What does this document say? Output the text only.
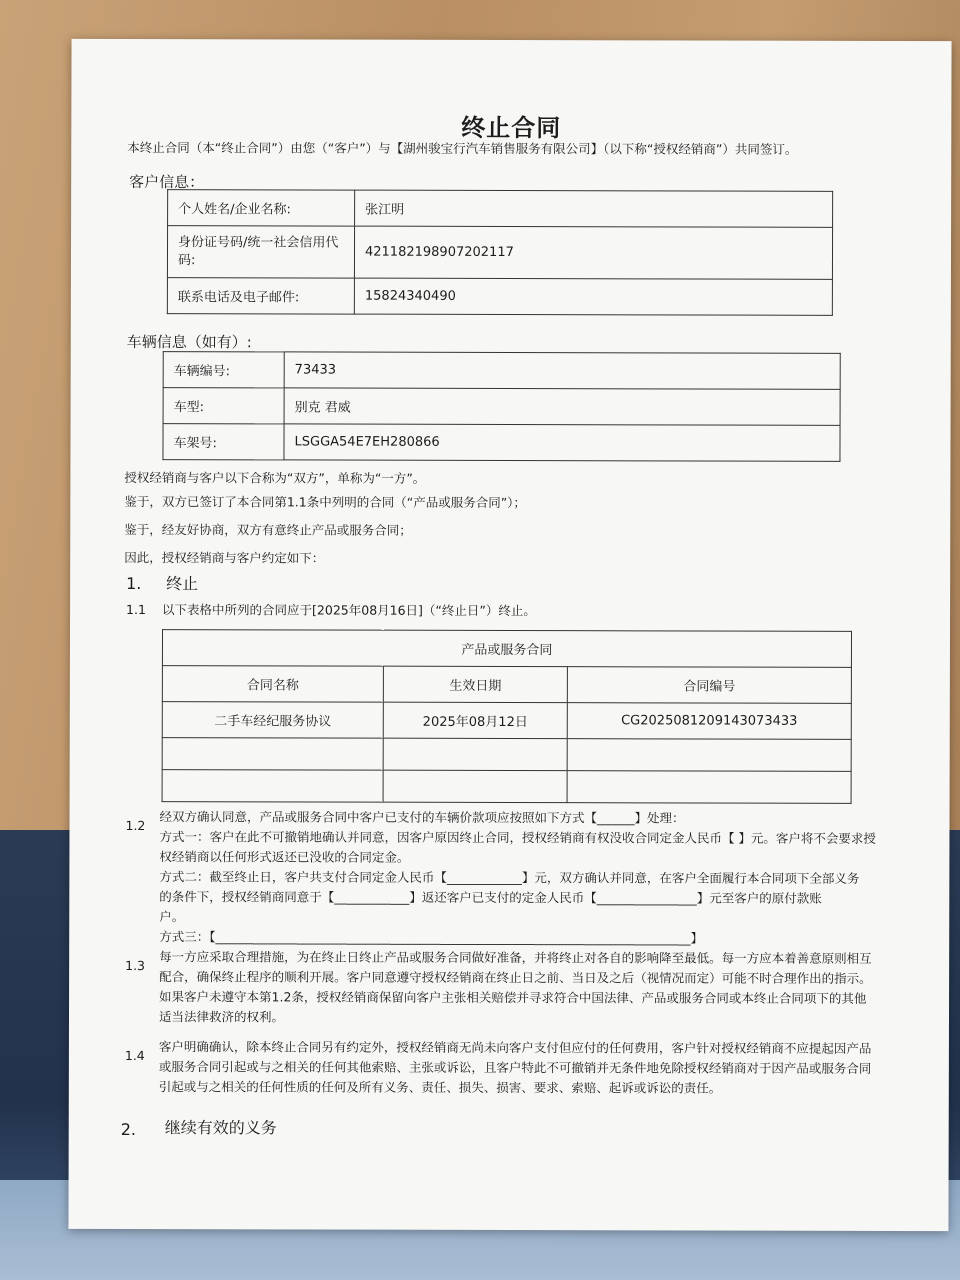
终止合同
本终止合同（本“终止合同”）由您（“客户”）与【湖州骏宝行汽车销售服务有限公司】（以下称“授权经销商”）共同签订。
客户信息：
个人姓名/企业名称:	张江明
身份证号码/统一社会信用代码:	421182198907202117
联系电话及电子邮件:	15824340490
车辆信息（如有）:
车辆编号:	73433
车型:	别克 君威
车架号:	LSGGA54E7EH280866
授权经销商与客户以下合称为“双方”，单称为“一方”。
鉴于，双方已签订了本合同第1.1条中列明的合同（“产品或服务合同”）；
鉴于，经友好协商，双方有意终止产品或服务合同；
因此，授权经销商与客户约定如下：
1. 终止
1.1 以下表格中所列的合同应于[2025年08月16日]（“终止日”）终止。
产品或服务合同		
合同名称	生效日期	合同编号
二手车经纪服务协议	2025年08月12日	CG2025081209143073433

1.2
经双方确认同意，产品或服务合同中客户已支付的车辆价款项应按照如下方式【______】处理：
方式一：客户在此不可撤销地确认并同意，因客户原因终止合同，授权经销商有权没收合同定金人民币【 】元。客户将不会要求授
权经销商以任何形式返还已没收的合同定金。
方式二：截至终止日，客户共支付合同定金人民币【____________】元，双方确认并同意，在客户全面履行本合同项下全部义务
的条件下，授权经销商同意于【____________】返还客户已支付的定金人民币【________________】元至客户的原付款账
户。
方式三：【____________________________________________________________________________】
1.3 每一方应采取合理措施，为在终止日终止产品或服务合同做好准备，并将终止对各自的影响降至最低。每一方应本着善意原则相互
配合，确保终止程序的顺利开展。客户同意遵守授权经销商在终止日之前、当日及之后（视情况而定）可能不时合理作出的指示。
如果客户未遵守本第1.2条，授权经销商保留向客户主张相关赔偿并寻求符合中国法律、产品或服务合同或本终止合同项下的其他
适当法律救济的权利。
1.4 客户明确确认，除本终止合同另有约定外，授权经销商无尚未向客户支付但应付的任何费用，客户针对授权经销商不应提起因产品
或服务合同引起或与之相关的任何其他索赔、主张或诉讼，且客户特此不可撤销并无条件地免除授权经销商对于因产品或服务合同
引起或与之相关的任何性质的任何及所有义务、责任、损失、损害、要求、索赔、起诉或诉讼的责任。
2. 继续有效的义务
